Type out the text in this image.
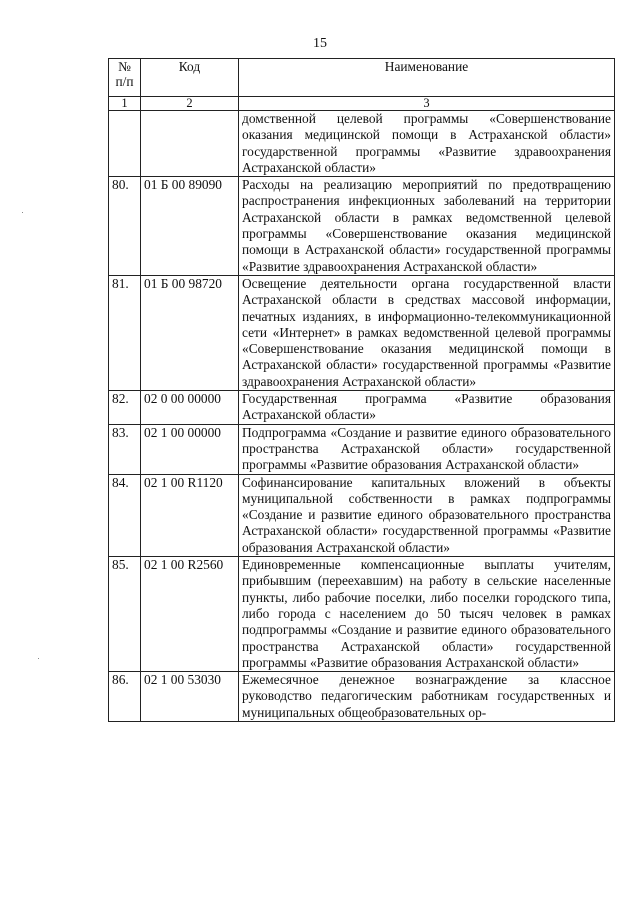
15
№
п/п	Код	Наименование
1	2	3
		домственной целевой программы «Совершенствование оказания медицинской помощи в Астраханской области» государственной программы «Развитие здравоохранения Астраханской области»
80.	01 Б 00 89090	Расходы на реализацию мероприятий по предотвращению распространения инфекционных заболеваний на территории Астраханской области в рамках ведомственной целевой программы «Совершенствование оказания медицинской помощи в Астраханской области» государственной программы «Развитие здравоохранения Астраханской области»
81.	01 Б 00 98720	Освещение деятельности органа государственной власти Астраханской области в средствах массовой информации, печатных изданиях, в информационно-телекоммуникационной сети «Интернет» в рамках ведомственной целевой программы «Совершенствование оказания медицинской помощи в Астраханской области» государственной программы «Развитие здравоохранения Астраханской области»
82.	02 0 00 00000	Государственная программа «Развитие образования Астраханской области»
83.	02 1 00 00000	Подпрограмма «Создание и развитие единого образовательного пространства Астраханской области» государственной программы «Развитие образования Астраханской области»
84.	02 1 00 R1120	Софинансирование капитальных вложений в объекты муниципальной собственности в рамках подпрограммы «Создание и развитие единого образовательного пространства Астраханской области» государственной программы «Развитие образования Астраханской области»
85.	02 1 00 R2560	Единовременные компенсационные выплаты учителям, прибывшим (переехавшим) на работу в сельские населенные пункты, либо рабочие поселки, либо поселки городского типа, либо города с населением до 50 тысяч человек в рамках подпрограммы «Создание и развитие единого образовательного пространства Астраханской области» государственной программы «Развитие образования Астраханской области»
86.	02 1 00 53030	Ежемесячное денежное вознаграждение за классное руководство педагогическим работникам государственных и муниципальных общеобразовательных ор-
